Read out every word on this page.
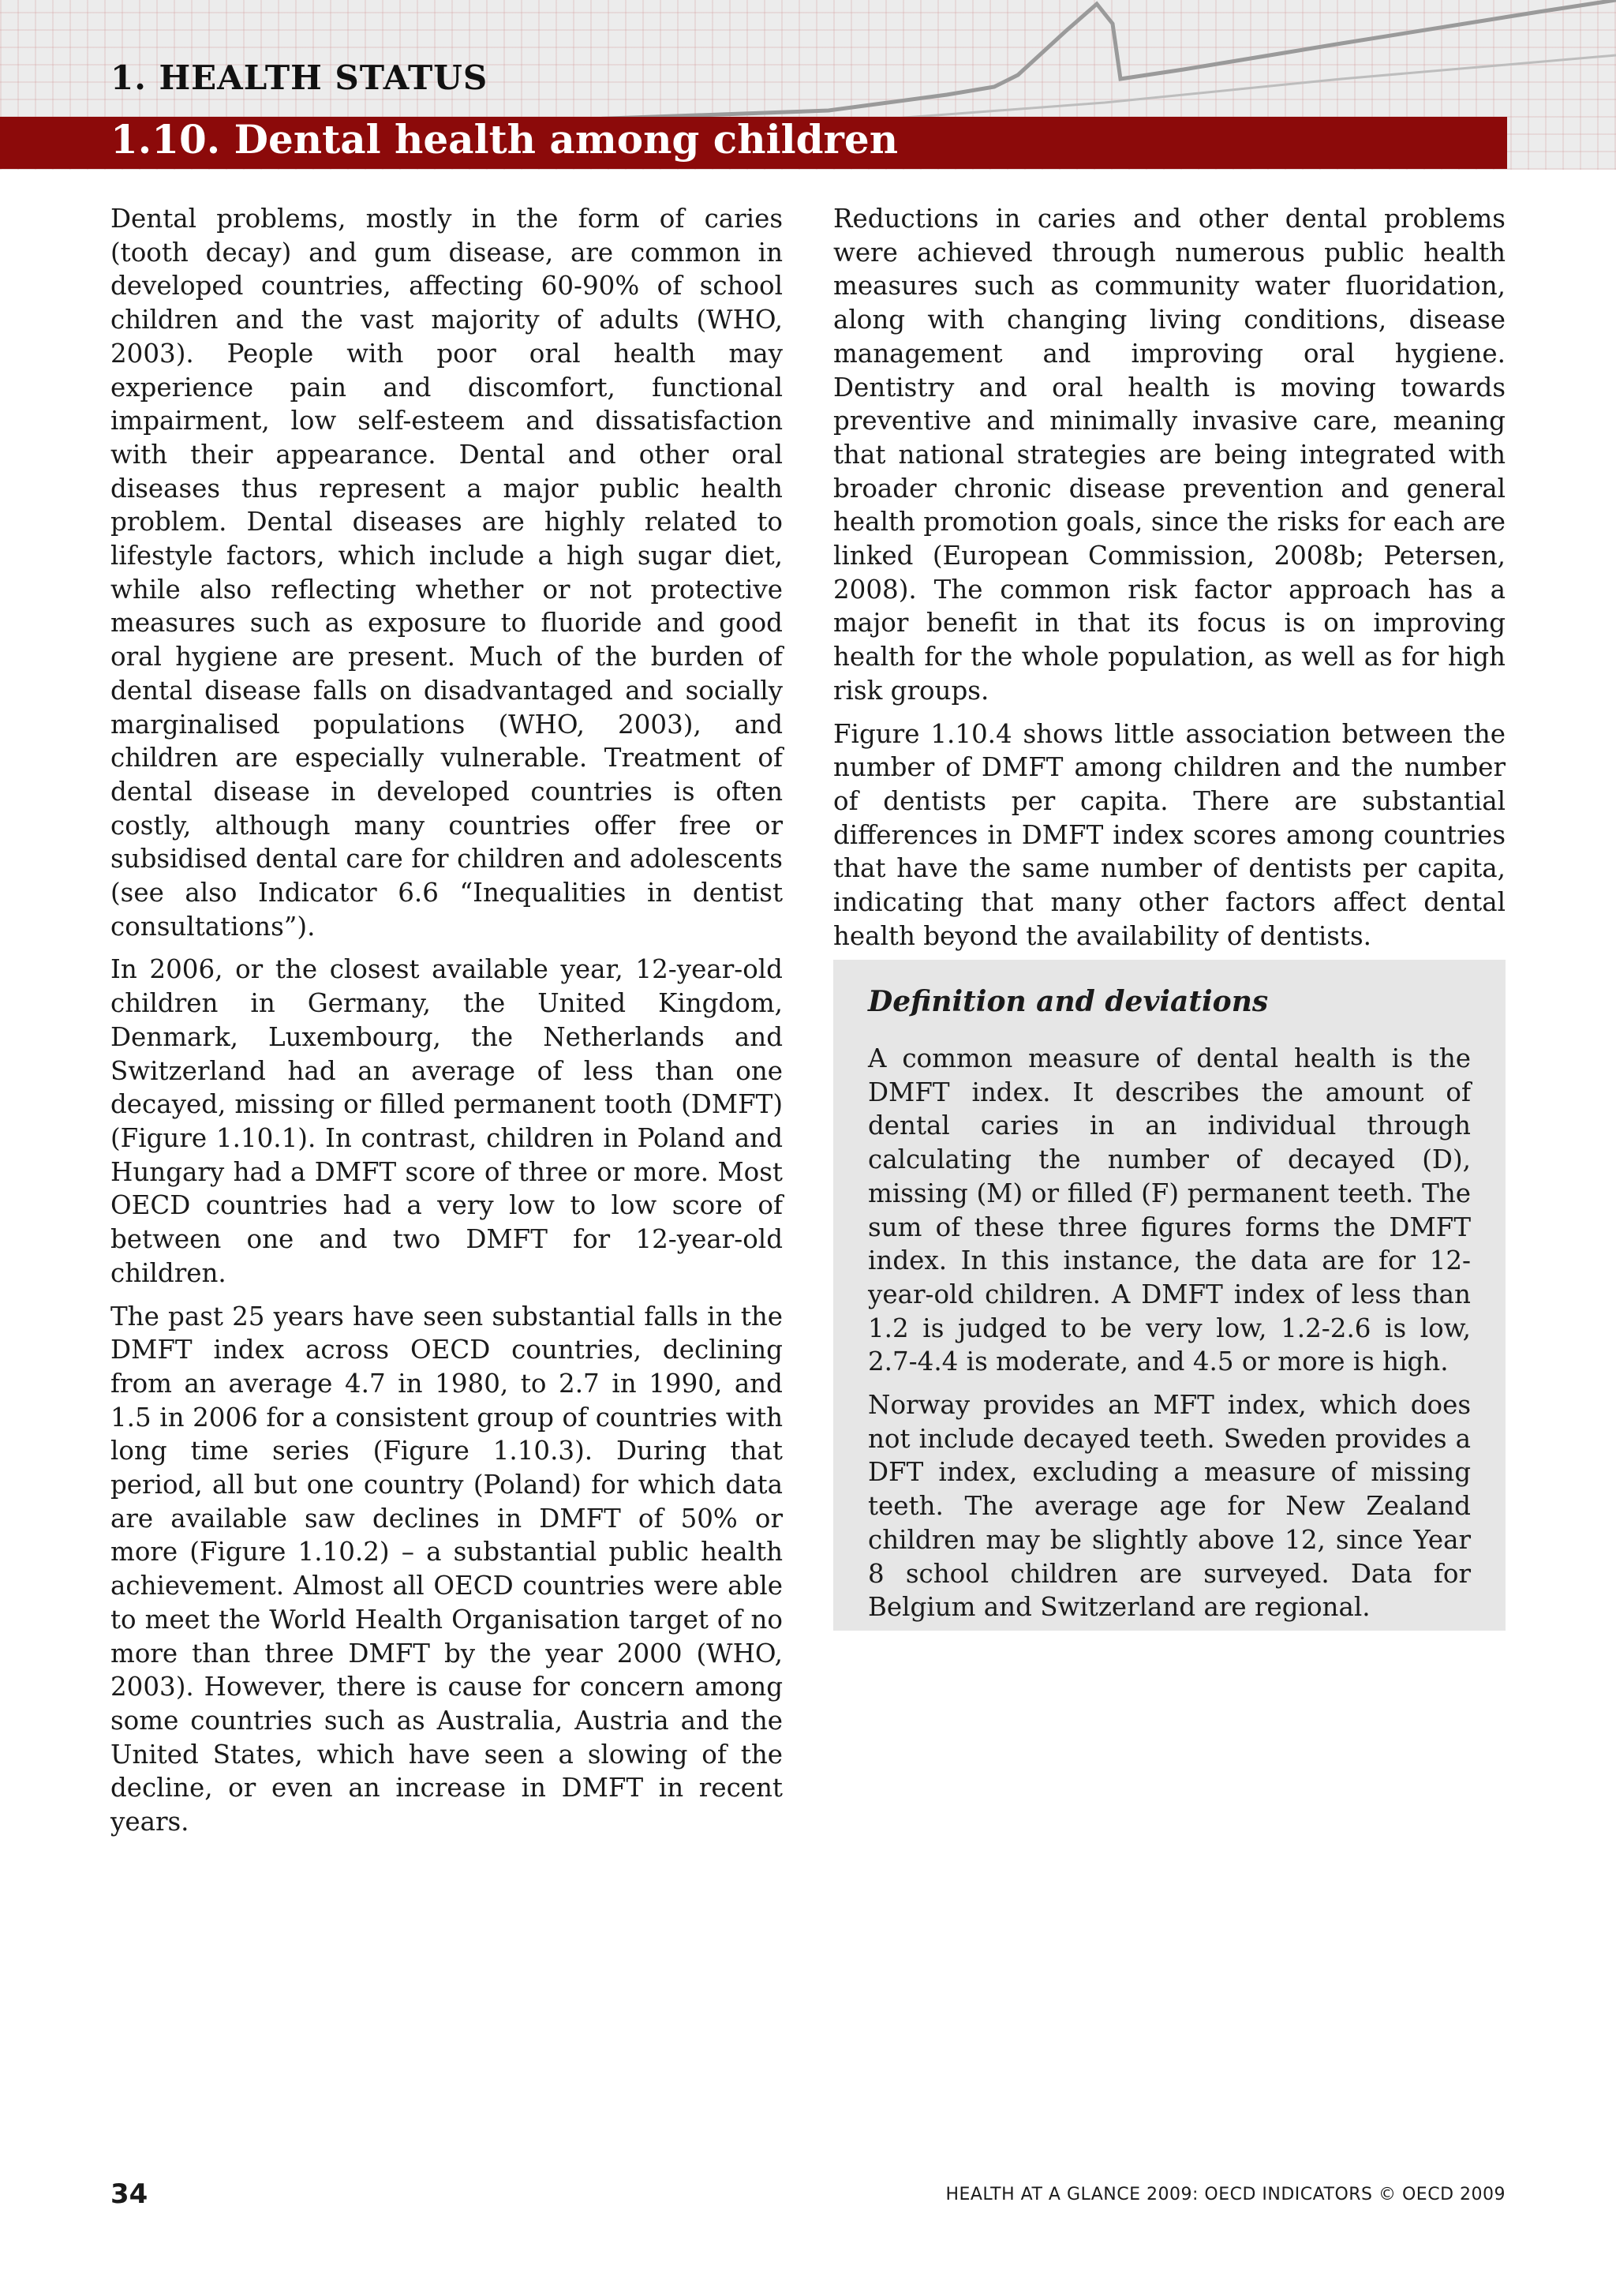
1. HEALTH STATUS
1.10. Dental health among children

Dental problems, mostly in the form of caries (tooth decay) and gum disease, are common in developed countries, affecting 60-90% of school children and the vast majority of adults (WHO, 2003). People with poor oral health may experience pain and discomfort, functional impairment, low self-esteem and dissatisfaction with their appearance. Dental and other oral diseases thus represent a major public health problem. Dental diseases are highly related to lifestyle factors, which include a high sugar diet, while also reflecting whether or not protective measures such as exposure to fluoride and good oral hygiene are present. Much of the burden of dental disease falls on disadvantaged and socially marginalised populations (WHO, 2003), and children are especially vulnerable. Treatment of dental disease in developed countries is often costly, although many countries offer free or subsidised dental care for children and adolescents (see also Indicator 6.6 “Inequalities in dentist consultations”).

In 2006, or the closest available year, 12-year-old children in Germany, the United Kingdom, Denmark, Luxembourg, the Netherlands and Switzerland had an average of less than one decayed, missing or filled permanent tooth (DMFT) (Figure 1.10.1). In contrast, children in Poland and Hungary had a DMFT score of three or more. Most OECD countries had a very low to low score of between one and two DMFT for 12-year-old children.

The past 25 years have seen substantial falls in the DMFT index across OECD countries, declining from an average 4.7 in 1980, to 2.7 in 1990, and 1.5 in 2006 for a consistent group of countries with long time series (Figure 1.10.3). During that period, all but one country (Poland) for which data are available saw declines in DMFT of 50% or more (Figure 1.10.2) – a substantial public health achievement. Almost all OECD countries were able to meet the World Health Organisation target of no more than three DMFT by the year 2000 (WHO, 2003). However, there is cause for concern among some countries such as Australia, Austria and the United States, which have seen a slowing of the decline, or even an increase in DMFT in recent years.

Reductions in caries and other dental problems were achieved through numerous public health measures such as community water fluoridation, along with changing living conditions, disease management and improving oral hygiene. Dentistry and oral health is moving towards preventive and minimally invasive care, meaning that national strategies are being integrated with broader chronic disease prevention and general health promotion goals, since the risks for each are linked (European Commission, 2008b; Petersen, 2008). The common risk factor approach has a major benefit in that its focus is on improving health for the whole population, as well as for high risk groups.

Figure 1.10.4 shows little association between the number of DMFT among children and the number of dentists per capita. There are substantial differences in DMFT index scores among countries that have the same number of dentists per capita, indicating that many other factors affect dental health beyond the availability of dentists.

Definition and deviations

A common measure of dental health is the DMFT index. It describes the amount of dental caries in an individual through calculating the number of decayed (D), missing (M) or filled (F) permanent teeth. The sum of these three figures forms the DMFT index. In this instance, the data are for 12-year-old children. A DMFT index of less than 1.2 is judged to be very low, 1.2-2.6 is low, 2.7-4.4 is moderate, and 4.5 or more is high.

Norway provides an MFT index, which does not include decayed teeth. Sweden provides a DFT index, excluding a measure of missing teeth. The average age for New Zealand children may be slightly above 12, since Year 8 school children are surveyed. Data for Belgium and Switzerland are regional.

34	HEALTH AT A GLANCE 2009: OECD INDICATORS © OECD 2009
